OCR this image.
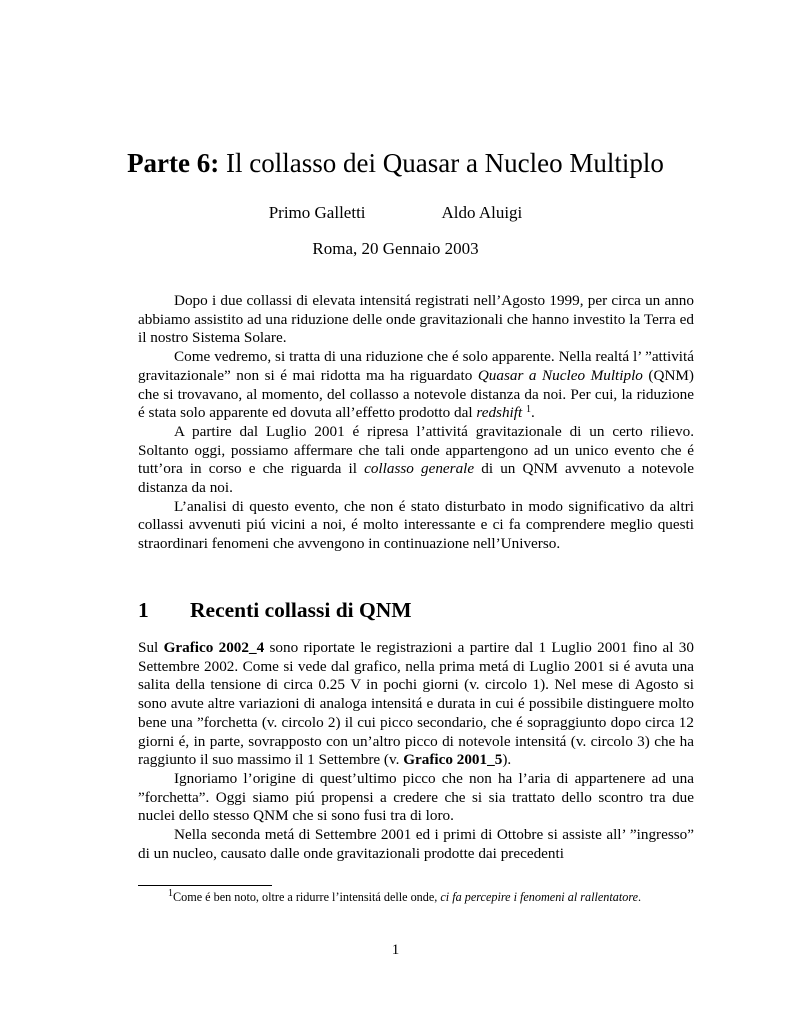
Parte 6: Il collasso dei Quasar a Nucleo Multiplo
Primo Galletti	Aldo Aluigi
Roma, 20 Gennaio 2003

Dopo i due collassi di elevata intensitá registrati nell’Agosto 1999, per circa un anno abbiamo assistito ad una riduzione delle onde gravitazionali che hanno investito la Terra ed il nostro Sistema Solare.

Come vedremo, si tratta di una riduzione che é solo apparente. Nella realtá l’ ”attivitá gravitazionale” non si é mai ridotta ma ha riguardato Quasar a Nucleo Multiplo (QNM) che si trovavano, al momento, del collasso a notevole distanza da noi. Per cui, la riduzione é stata solo apparente ed dovuta all’effetto prodotto dal redshift $^1$.

A partire dal Luglio 2001 é ripresa l’attivitá gravitazionale di un certo rilievo. Soltanto oggi, possiamo affermare che tali onde appartengono ad un unico evento che é tutt’ora in corso e che riguarda il collasso generale di un QNM avvenuto a notevole distanza da noi.

L’analisi di questo evento, che non é stato disturbato in modo significativo da altri collassi avvenuti piú vicini a noi, é molto interessante e ci fa comprendere meglio questi straordinari fenomeni che avvengono in continuazione nell’Universo.

1 Recenti collassi di QNM

Sul Grafico 2002_4 sono riportate le registrazioni a partire dal 1 Luglio 2001 fino al 30 Settembre 2002. Come si vede dal grafico, nella prima metá di Luglio 2001 si é avuta una salita della tensione di circa 0.25 V in pochi giorni (v. circolo 1). Nel mese di Agosto si sono avute altre variazioni di analoga intensitá e durata in cui é possibile distinguere molto bene una ”forchetta (v. circolo 2) il cui picco secondario, che é sopraggiunto dopo circa 12 giorni é, in parte, sovrapposto con un’altro picco di notevole intensitá (v. circolo 3) che ha raggiunto il suo massimo il 1 Settembre (v. Grafico 2001_5).

Ignoriamo l’origine di quest’ultimo picco che non ha l’aria di appartenere ad una ”forchetta”. Oggi siamo piú propensi a credere che si sia trattato dello scontro tra due nuclei dello stesso QNM che si sono fusi tra di loro.

Nella seconda metá di Settembre 2001 ed i primi di Ottobre si assiste all’ ”ingresso” di un nucleo, causato dalle onde gravitazionali prodotte dai precedenti

$^1$Come é ben noto, oltre a ridurre l’intensitá delle onde, ci fa percepire i fenomeni al rallentatore.
1
